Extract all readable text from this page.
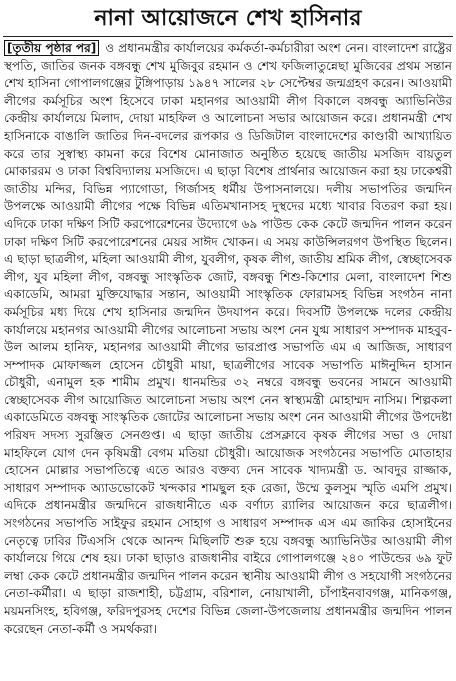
নানা আয়োজনে শেখ হাসিনার
[তৃতীয় পৃষ্ঠার পর] ও প্রধানমন্ত্রীর কার্যালয়ের কর্মকর্তা-কর্মচারীরা অংশ নেন। বাংলাদেশ রাষ্ট্রের স্থপতি, জাতির জনক বঙ্গবন্ধু শেখ মুজিবুর রহমান ও শেখ ফজিলাতুন্নেছা মুজিবের প্রথম সন্তান শেখ হাসিনা গোপালগঞ্জের টুঙ্গিপাড়ায় ১৯৪৭ সালের ২৮ সেপ্টেম্বর জন্মগ্রহণ করেন। আওয়ামী লীগের কর্মসূচির অংশ হিসেবে ঢাকা মহানগর আওয়ামী লীগ বিকালে বঙ্গবন্ধু অ্যাভিনিউর কেন্দ্রীয় কার্যালয়ে মিলাদ, দোয়া মাহফিল ও আলোচনা সভার আয়োজন করে। প্রধানমন্ত্রী শেখ হাসিনাকে বাঙালি জাতির দিন-বদলের রূপকার ও ডিজিটাল বাংলাদেশের কাণ্ডারী আখ্যায়িত করে তার সুস্বাস্থ্য কামনা করে বিশেষ মোনাজাত অনুষ্ঠিত হয়েছে জাতীয় মসজিদ বায়তুল মোকাররম ও ঢাকা বিশ্ববিদ্যালয় মসজিদে। এ ছাড়া বিশেষ প্রার্থনার আয়োজন করা হয় ঢাকেশ্বরী জাতীয় মন্দির, বিভিন্ন প্যাগোডা, গির্জাসহ ধর্মীয় উপাসনালয়ে। দলীয় সভাপতির জন্মদিন উপলক্ষে আওয়ামী লীগের পক্ষে বিভিন্ন এতিমখানাসহ দুস্থদের মধ্যে খাবার বিতরণ করা হয়। এদিকে ঢাকা দক্ষিণ সিটি করপোরেশনের উদ্যোগে ৬৯ পাউন্ড কেক কেটে জন্মদিন পালন করেন ঢাকা দক্ষিণ সিটি করপোরেশনের মেয়র সাঈদ খোকন। এ সময় কাউন্সিলরগণ উপস্থিত ছিলেন। এ ছাড়া ছাত্রলীগ, মহিলা আওয়ামী লীগ, যুবলীগ, কৃষক লীগ, জাতীয় শ্রমিক লীগ, স্বেচ্ছাসেবক লীগ, যুব মহিলা লীগ, বঙ্গবন্ধু সাংস্কৃতিক জোট, বঙ্গবন্ধু শিশু-কিশোর মেলা, বাংলাদেশ শিশু একাডেমি, আমরা মুক্তিযোদ্ধার সন্তান, আওয়ামী সাংস্কৃতিক ফোরামসহ বিভিন্ন সংগঠন নানা কর্মসূচির মধ্য দিয়ে শেখ হাসিনার জন্মদিন উদযাপন করে। দিবসটি উপলক্ষে দলের কেন্দ্রীয় কার্যালয়ে মহানগর আওয়ামী লীগের আলোচনা সভায় অংশ নেন যুগ্ম সাধারণ সম্পাদক মাহবুব-উল আলম হানিফ, মহানগর আওয়ামী লীগের ভারপ্রাপ্ত সভাপতি এম এ আজিজ, সাধারণ সম্পাদক মোফাজ্জল হোসেন চৌধুরী মায়া, ছাত্রলীগের সাবেক সভাপতি মাঈনুদ্দিন হাসান চৌধুরী, এনামুল হক শামীম প্রমুখ। ধানমন্ডির ৩২ নম্বরে বঙ্গবন্ধু ভবনের সামনে আওয়ামী স্বেচ্ছাসেবক লীগ আয়োজিত আলোচনা সভায় অংশ নেন স্বাস্থ্যমন্ত্রী মোহাম্মদ নাসিম। শিল্পকলা একাডেমিতে বঙ্গবন্ধু সাংস্কৃতিক জোটের আলোচনা সভায় অংশ নেন আওয়ামী লীগের উপদেষ্টা পরিষদ সদস্য সুরঞ্জিত সেনগুপ্ত। এ ছাড়া জাতীয় প্রেসক্লাবে কৃষক লীগের সভা ও দোয়া মাহফিলে যোগ দেন কৃষিমন্ত্রী বেগম মতিয়া চৌধুরী। আয়োজক সংগঠনের সভাপতি মোতাহার হোসেন মোল্লার সভাপতিত্বে এতে আরও বক্তব্য দেন সাবেক খাদ্যমন্ত্রী ড. আবদুর রাজ্জাক, সাধারণ সম্পাদক অ্যাডভোকেট খন্দকার শামছুল হক রেজা, উম্মে কুলসুম স্মৃতি এমপি প্রমুখ। এদিকে প্রধানমন্ত্রীর জন্মদিনে রাজধানীতে এক বর্ণাঢ্য র‍্যালির আয়োজন করে ছাত্রলীগ। সংগঠনের সভাপতি সাইফুর রহমান সোহাগ ও সাধারণ সম্পাদক এস এম জাকির হোসাইনের নেতৃত্বে ঢাবির টিএসসি থেকে আনন্দ মিছিলটি শুরু হয়ে বঙ্গবন্ধু অ্যাভিনিউর আওয়ামী লীগ কার্যালয়ে গিয়ে শেষ হয়। ঢাকা ছাড়াও রাজধানীর বাইরে গোপালগঞ্জে ২৪০ পাউন্ডের ৬৯ ফুট লম্বা কেক কেটে প্রধানমন্ত্রীর জন্মদিন পালন করেন স্থানীয় আওয়ামী লীগ ও সহযোগী সংগঠনের নেতা-কর্মীরা। এ ছাড়া রাজশাহী, চট্টগ্রাম, বরিশাল, নোয়াখালী, চাঁপাইনবাবগঞ্জ, মানিকগঞ্জ, ময়মনসিংহ, হবিগঞ্জ, ফরিদপুরসহ দেশের বিভিন্ন জেলা-উপজেলায় প্রধানমন্ত্রীর জন্মদিন পালন করেছেন নেতা-কর্মী ও সমর্থকরা।
